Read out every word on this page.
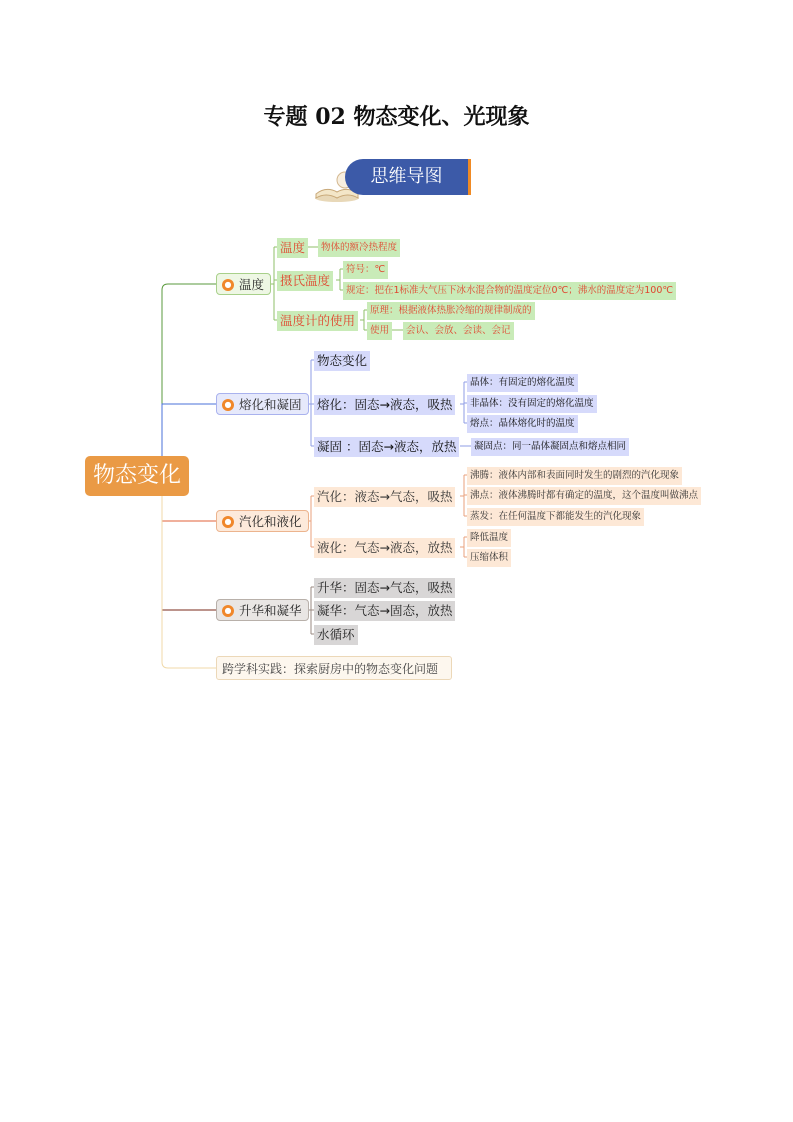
专题 02 物态变化、光现象
思维导图
物态变化
● 温度
温度	物体的额冷热程度
摄氏温度
符号：℃
规定：把在1标准大气压下冰水混合物的温度定位0℃；沸水的温度定为100℃
温度计的使用
原理：根据液体热胀冷缩的规律制成的
使用	会认、会放、会读、会记
● 熔化和凝固
物态变化
熔化：固态→液态，吸热
晶体：有固定的熔化温度
非晶体：没有固定的熔化温度
熔点：晶体熔化时的温度
凝固 ：固态→液态，放热	凝固点：同一晶体凝固点和熔点相同
● 汽化和液化
汽化：液态→气态，吸热
沸腾：液体内部和表面同时发生的剧烈的汽化现象
沸点：液体沸腾时都有确定的温度，这个温度叫做沸点
蒸发：在任何温度下都能发生的汽化现象
液化：气态→液态，放热
降低温度
压缩体积
● 升华和凝华
升华：固态→气态，吸热
凝华：气态→固态，放热
水循环
跨学科实践：探索厨房中的物态变化问题
